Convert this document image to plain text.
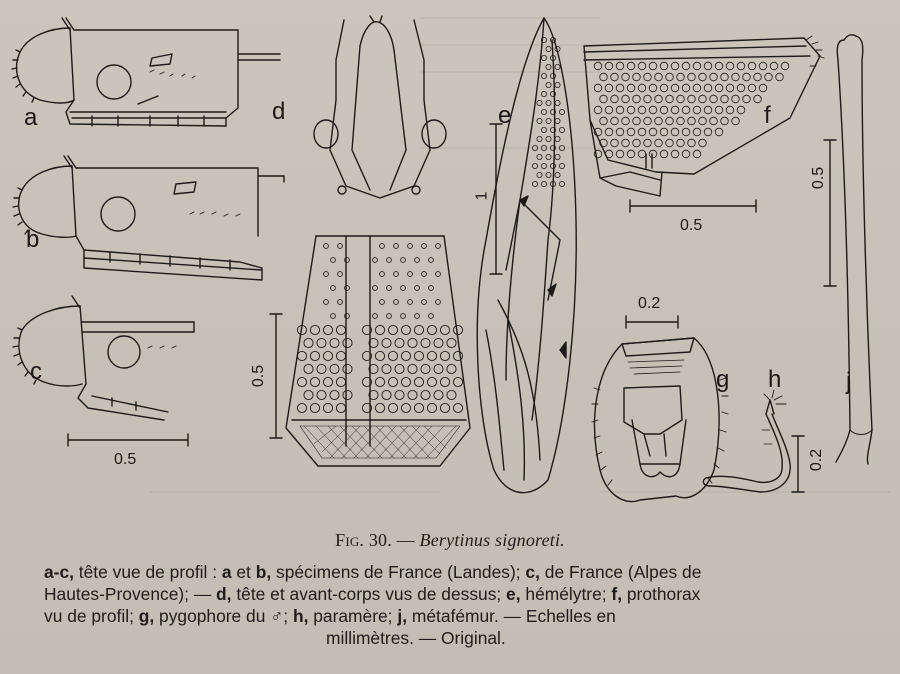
a
b
c
d	e	f
g h	j
0.5
0.5
1
0.5
0.2
0.2
0.5
Fig. 30. — Berytinus signoreti.
a-c, tête vue de profil : a et b, spécimens de France (Landes); c, de France (Alpes de
Hautes-Provence); — d, tête et avant-corps vus de dessus; e, hémélytre; f, prothorax
vu de profil; g, pygophore du ♂; h, paramère; j, métafémur. — Echelles en
millimètres. — Original.
